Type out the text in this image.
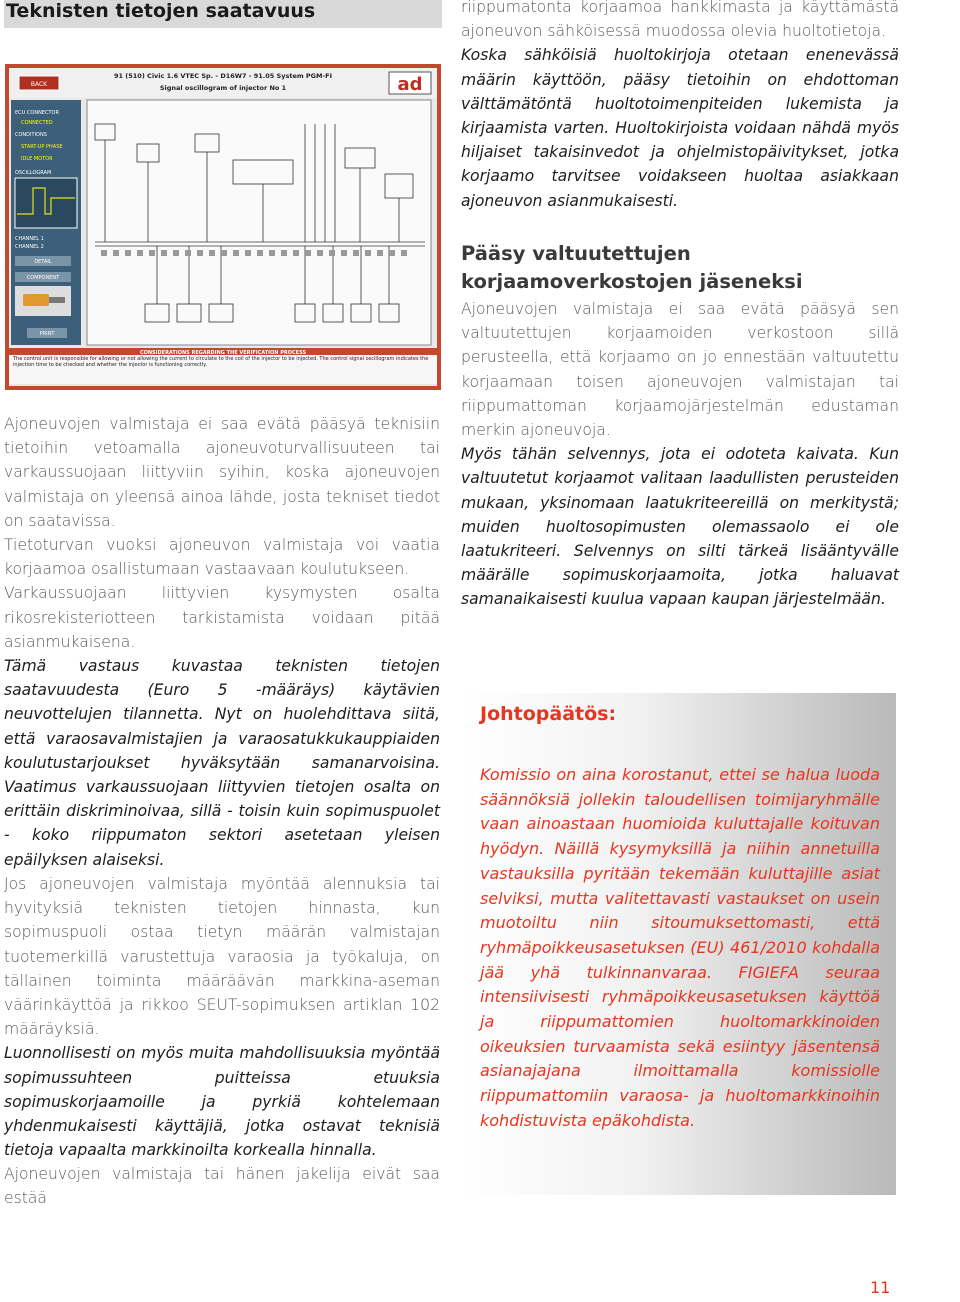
Teknisten tietojen saatavuus
91 (510) Civic 1.6 VTEC Sp. - D16W7 - 91.05 System PGM-FI
Signal oscillogram of injector No 1	ad
BACK
ECU CONNECTOR
CONNECTED
CONDITIONS
START-UP PHASE
IDLE MOTOR
OSCILLOGRAM
CHANNEL 1
CHANNEL 2
DETAIL
COMPONENT
PRINT
CONSIDERATIONS REGARDING THE VERIFICATION PROCESS
The control unit is responsible for allowing or not allowing the current to circulate to the coil of the injector to be injected. The control signal oscillogram indicates the injection time to be checked and whether the injector is functioning correctly.

Ajoneuvojen valmistaja ei saa evätä pääsyä teknisiin tietoihin vetoamalla ajoneuvoturvallisuuteen tai varkaussuojaan liittyviin syihin, koska ajoneuvojen valmistaja on yleensä ainoa lähde, josta tekniset tiedot on saatavissa.

Tietoturvan vuoksi ajoneuvon valmistaja voi vaatia korjaamoa osallistumaan vastaavaan koulutukseen.

Varkaussuojaan liittyvien kysymysten osalta rikosrekisteriotteen tarkistamista voidaan pitää asianmukaisena.

Tämä vastaus kuvastaa teknisten tietojen saatavuudesta (Euro 5 -määräys) käytävien neuvottelujen tilannetta. Nyt on huolehdittava siitä, että varaosavalmistajien ja varaosatukkukauppiaiden koulutustarjoukset hyväksytään samanarvoisina. Vaatimus varkaussuojaan liittyvien tietojen osalta on erittäin diskriminoivaa, sillä - toisin kuin sopimuspuolet - koko riippumaton sektori asetetaan yleisen epäilyksen alaiseksi.

Jos ajoneuvojen valmistaja myöntää alennuksia tai hyvityksiä teknisten tietojen hinnasta, kun sopimuspuoli ostaa tietyn määrän valmistajan tuotemerkillä varustettuja varaosia ja työkaluja, on tällainen toiminta määräävän markkina-aseman väärinkäyttöä ja rikkoo SEUT-sopimuksen artiklan 102 määräyksiä.

Luonnollisesti on myös muita mahdollisuuksia myöntää sopimussuhteen puitteissa etuuksia sopimuskorjaamoille ja pyrkiä kohtelemaan yhdenmukaisesti käyttäjiä, jotka ostavat teknisiä tietoja vapaalta markkinoilta korkealla hinnalla.

Ajoneuvojen valmistaja tai hänen jakelija eivät saa estää

riippumatonta korjaamoa hankkimasta ja käyttämästä ajoneuvon sähköisessä muodossa olevia huoltotietoja.

Koska sähköisiä huoltokirjoja otetaan enenevässä määrin käyttöön, pääsy tietoihin on ehdottoman välttämätöntä huoltotoimenpiteiden lukemista ja kirjaamista varten. Huoltokirjoista voidaan nähdä myös hiljaiset takaisinvedot ja ohjelmistopäivitykset, jotka korjaamo tarvitsee voidakseen huoltaa asiakkaan ajoneuvon asianmukaisesti.

Pääsy valtuutettujen korjaamoverkostojen jäseneksi

Ajoneuvojen valmistaja ei saa evätä pääsyä sen valtuutettujen korjaamoiden verkostoon sillä perusteella, että korjaamo on jo ennestään valtuutettu korjaamaan toisen ajoneuvojen valmistajan tai riippumattoman korjaamojärjestelmän edustaman merkin ajoneuvoja.

Myös tähän selvennys, jota ei odoteta kaivata. Kun valtuutetut korjaamot valitaan laadullisten perusteiden mukaan, yksinomaan laatukriteereillä on merkitystä; muiden huoltosopimusten olemassaolo ei ole laatukriteeri. Selvennys on silti tärkeä lisääntyvälle määrälle sopimuskorjaamoita, jotka haluavat samanaikaisesti kuulua vapaan kaupan järjestelmään.

Johtopäätös:
Komissio on aina korostanut, ettei se halua luoda säännöksiä jollekin taloudellisen toimijaryhmälle vaan ainoastaan huomioida kuluttajalle koituvan hyödyn. Näillä kysymyksillä ja niihin annetuilla vastauksilla pyritään tekemään kuluttajille asiat selviksi, mutta valitettavasti vastaukset on usein muotoiltu niin sitoumuksettomasti, että ryhmäpoikkeusasetuksen (EU) 461/2010 kohdalla jää yhä tulkinnanvaraa. FIGIEFA seuraa intensiivisesti ryhmäpoikkeusasetuksen käyttöä ja riippumattomien huoltomarkkinoiden oikeuksien turvaamista sekä esiintyy jäsentensä asianajajana ilmoittamalla komissiolle riippumattomiin varaosa- ja huoltomarkkinoihin kohdistuvista epäkohdista.
11
